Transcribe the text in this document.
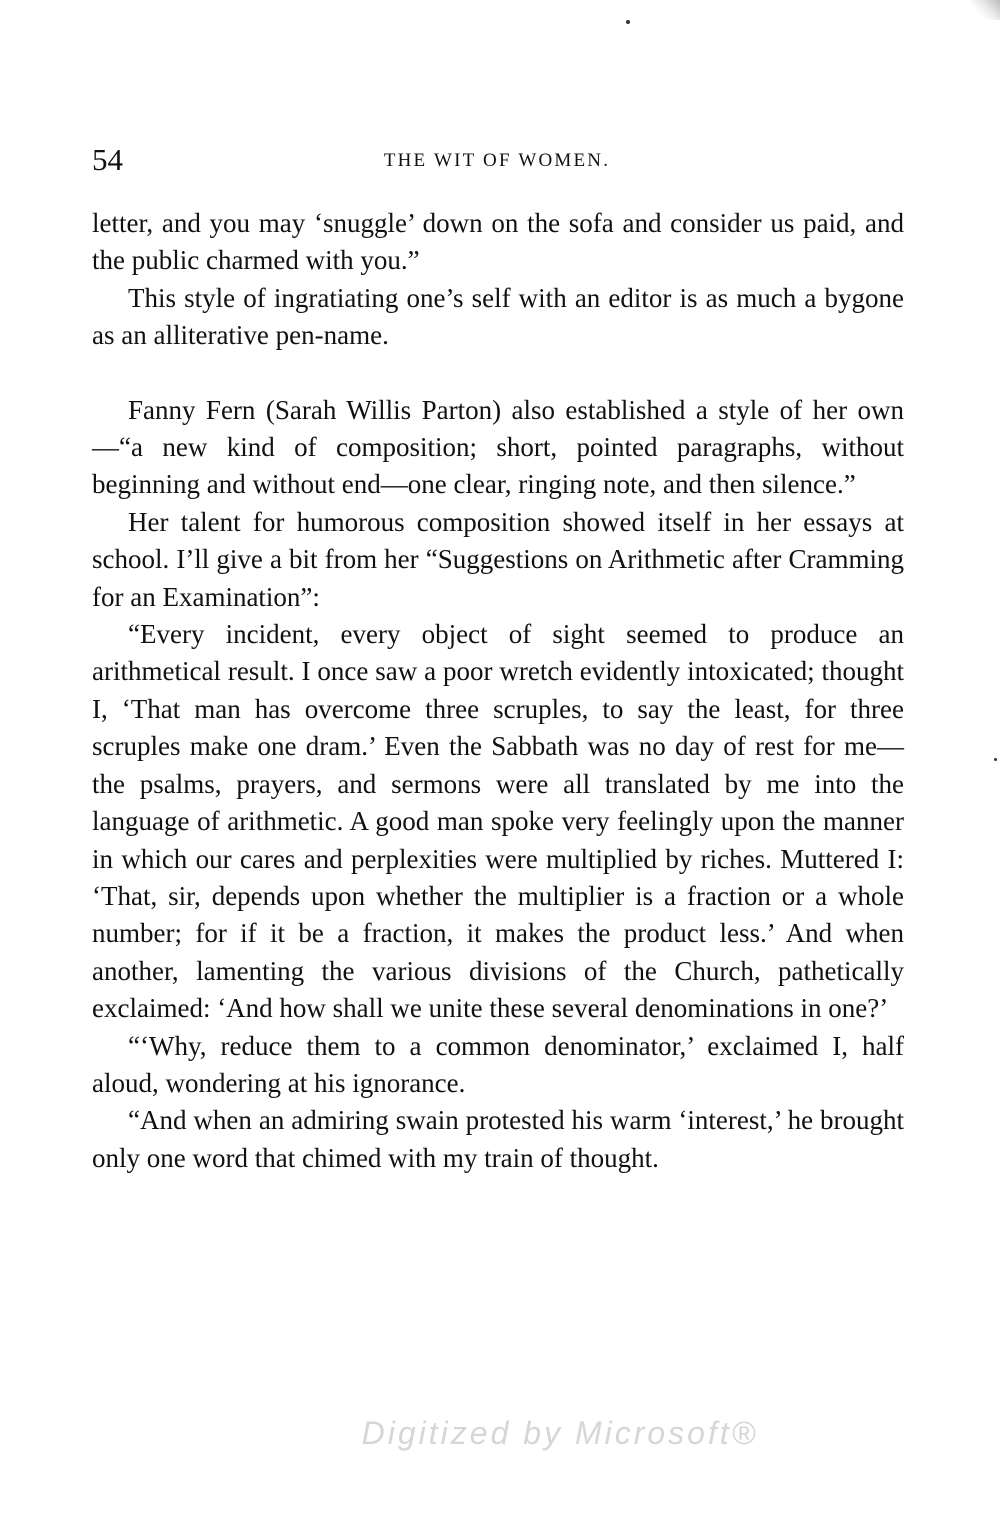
54	THE WIT OF WOMEN.

letter, and you may ‘snuggle’ down on the sofa and consider us paid, and the public charmed with you.”

This style of ingratiating one’s self with an editor is as much a bygone as an alliterative pen-name.

Fanny Fern (Sarah Willis Parton) also established a style of her own—“a new kind of composition; short, pointed paragraphs, without beginning and without end—one clear, ringing note, and then silence.”

Her talent for humorous composition showed itself in her essays at school. I’ll give a bit from her “Suggestions on Arithmetic after Cramming for an Examination”:

“Every incident, every object of sight seemed to produce an arithmetical result. I once saw a poor wretch evidently intoxicated; thought I, ‘That man has overcome three scruples, to say the least, for three scruples make one dram.’ Even the Sabbath was no day of rest for me—the psalms, prayers, and sermons were all translated by me into the language of arithmetic. A good man spoke very feelingly upon the manner in which our cares and perplexities were multiplied by riches. Muttered I: ‘That, sir, depends upon whether the multiplier is a fraction or a whole number; for if it be a fraction, it makes the product less.’ And when another, lamenting the various divisions of the Church, pathetically exclaimed: ‘And how shall we unite these several denominations in one?’

“‘Why, reduce them to a common denominator,’ exclaimed I, half aloud, wondering at his ignorance.

“And when an admiring swain protested his warm ‘interest,’ he brought only one word that chimed with my train of thought.

Digitized by Microsoft®
